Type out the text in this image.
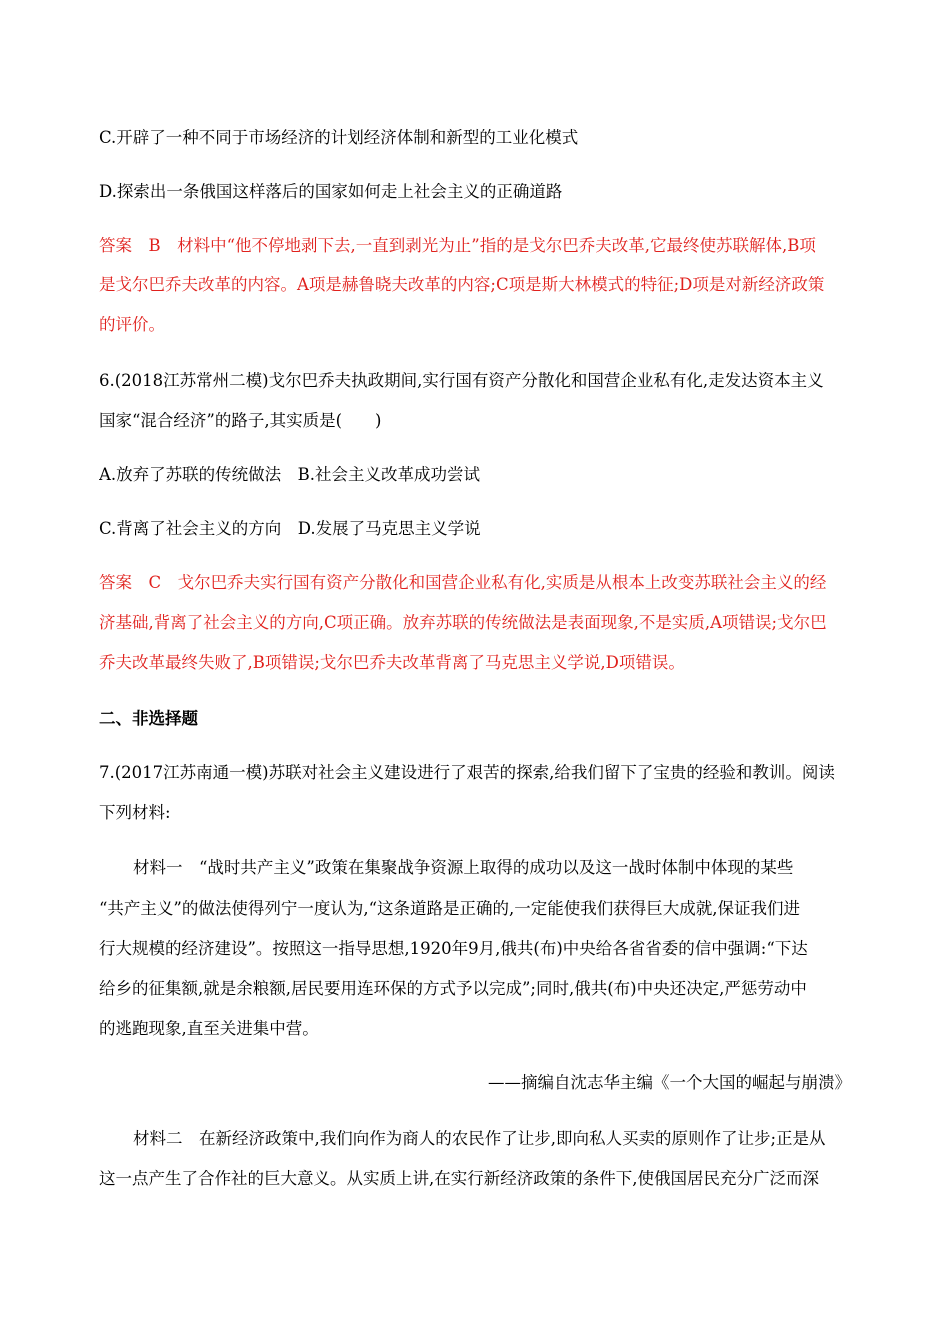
C.开辟了一种不同于市场经济的计划经济体制和新型的工业化模式
D.探索出一条俄国这样落后的国家如何走上社会主义的正确道路
答案　B　材料中“他不停地剥下去,一直到剥光为止”指的是戈尔巴乔夫改革,它最终使苏联解体,B项
是戈尔巴乔夫改革的内容。A项是赫鲁晓夫改革的内容;C项是斯大林模式的特征;D项是对新经济政策
的评价。
6.(2018江苏常州二模)戈尔巴乔夫执政期间,实行国有资产分散化和国营企业私有化,走发达资本主义
国家“混合经济”的路子,其实质是(　　)
A.放弃了苏联的传统做法　B.社会主义改革成功尝试
C.背离了社会主义的方向　D.发展了马克思主义学说
答案　C　戈尔巴乔夫实行国有资产分散化和国营企业私有化,实质是从根本上改变苏联社会主义的经
济基础,背离了社会主义的方向,C项正确。放弃苏联的传统做法是表面现象,不是实质,A项错误;戈尔巴
乔夫改革最终失败了,B项错误;戈尔巴乔夫改革背离了马克思主义学说,D项错误。
二、非选择题
7.(2017江苏南通一模)苏联对社会主义建设进行了艰苦的探索,给我们留下了宝贵的经验和教训。阅读
下列材料:
材料一　“战时共产主义”政策在集聚战争资源上取得的成功以及这一战时体制中体现的某些
“共产主义”的做法使得列宁一度认为,“这条道路是正确的,一定能使我们获得巨大成就,保证我们进
行大规模的经济建设”。按照这一指导思想,1920年9月,俄共(布)中央给各省省委的信中强调:“下达
给乡的征集额,就是余粮额,居民要用连环保的方式予以完成”;同时,俄共(布)中央还决定,严惩劳动中
的逃跑现象,直至关进集中营。
——摘编自沈志华主编《一个大国的崛起与崩溃》
材料二　在新经济政策中,我们向作为商人的农民作了让步,即向私人买卖的原则作了让步;正是从
这一点产生了合作社的巨大意义。从实质上讲,在实行新经济政策的条件下,使俄国居民充分广泛而深
